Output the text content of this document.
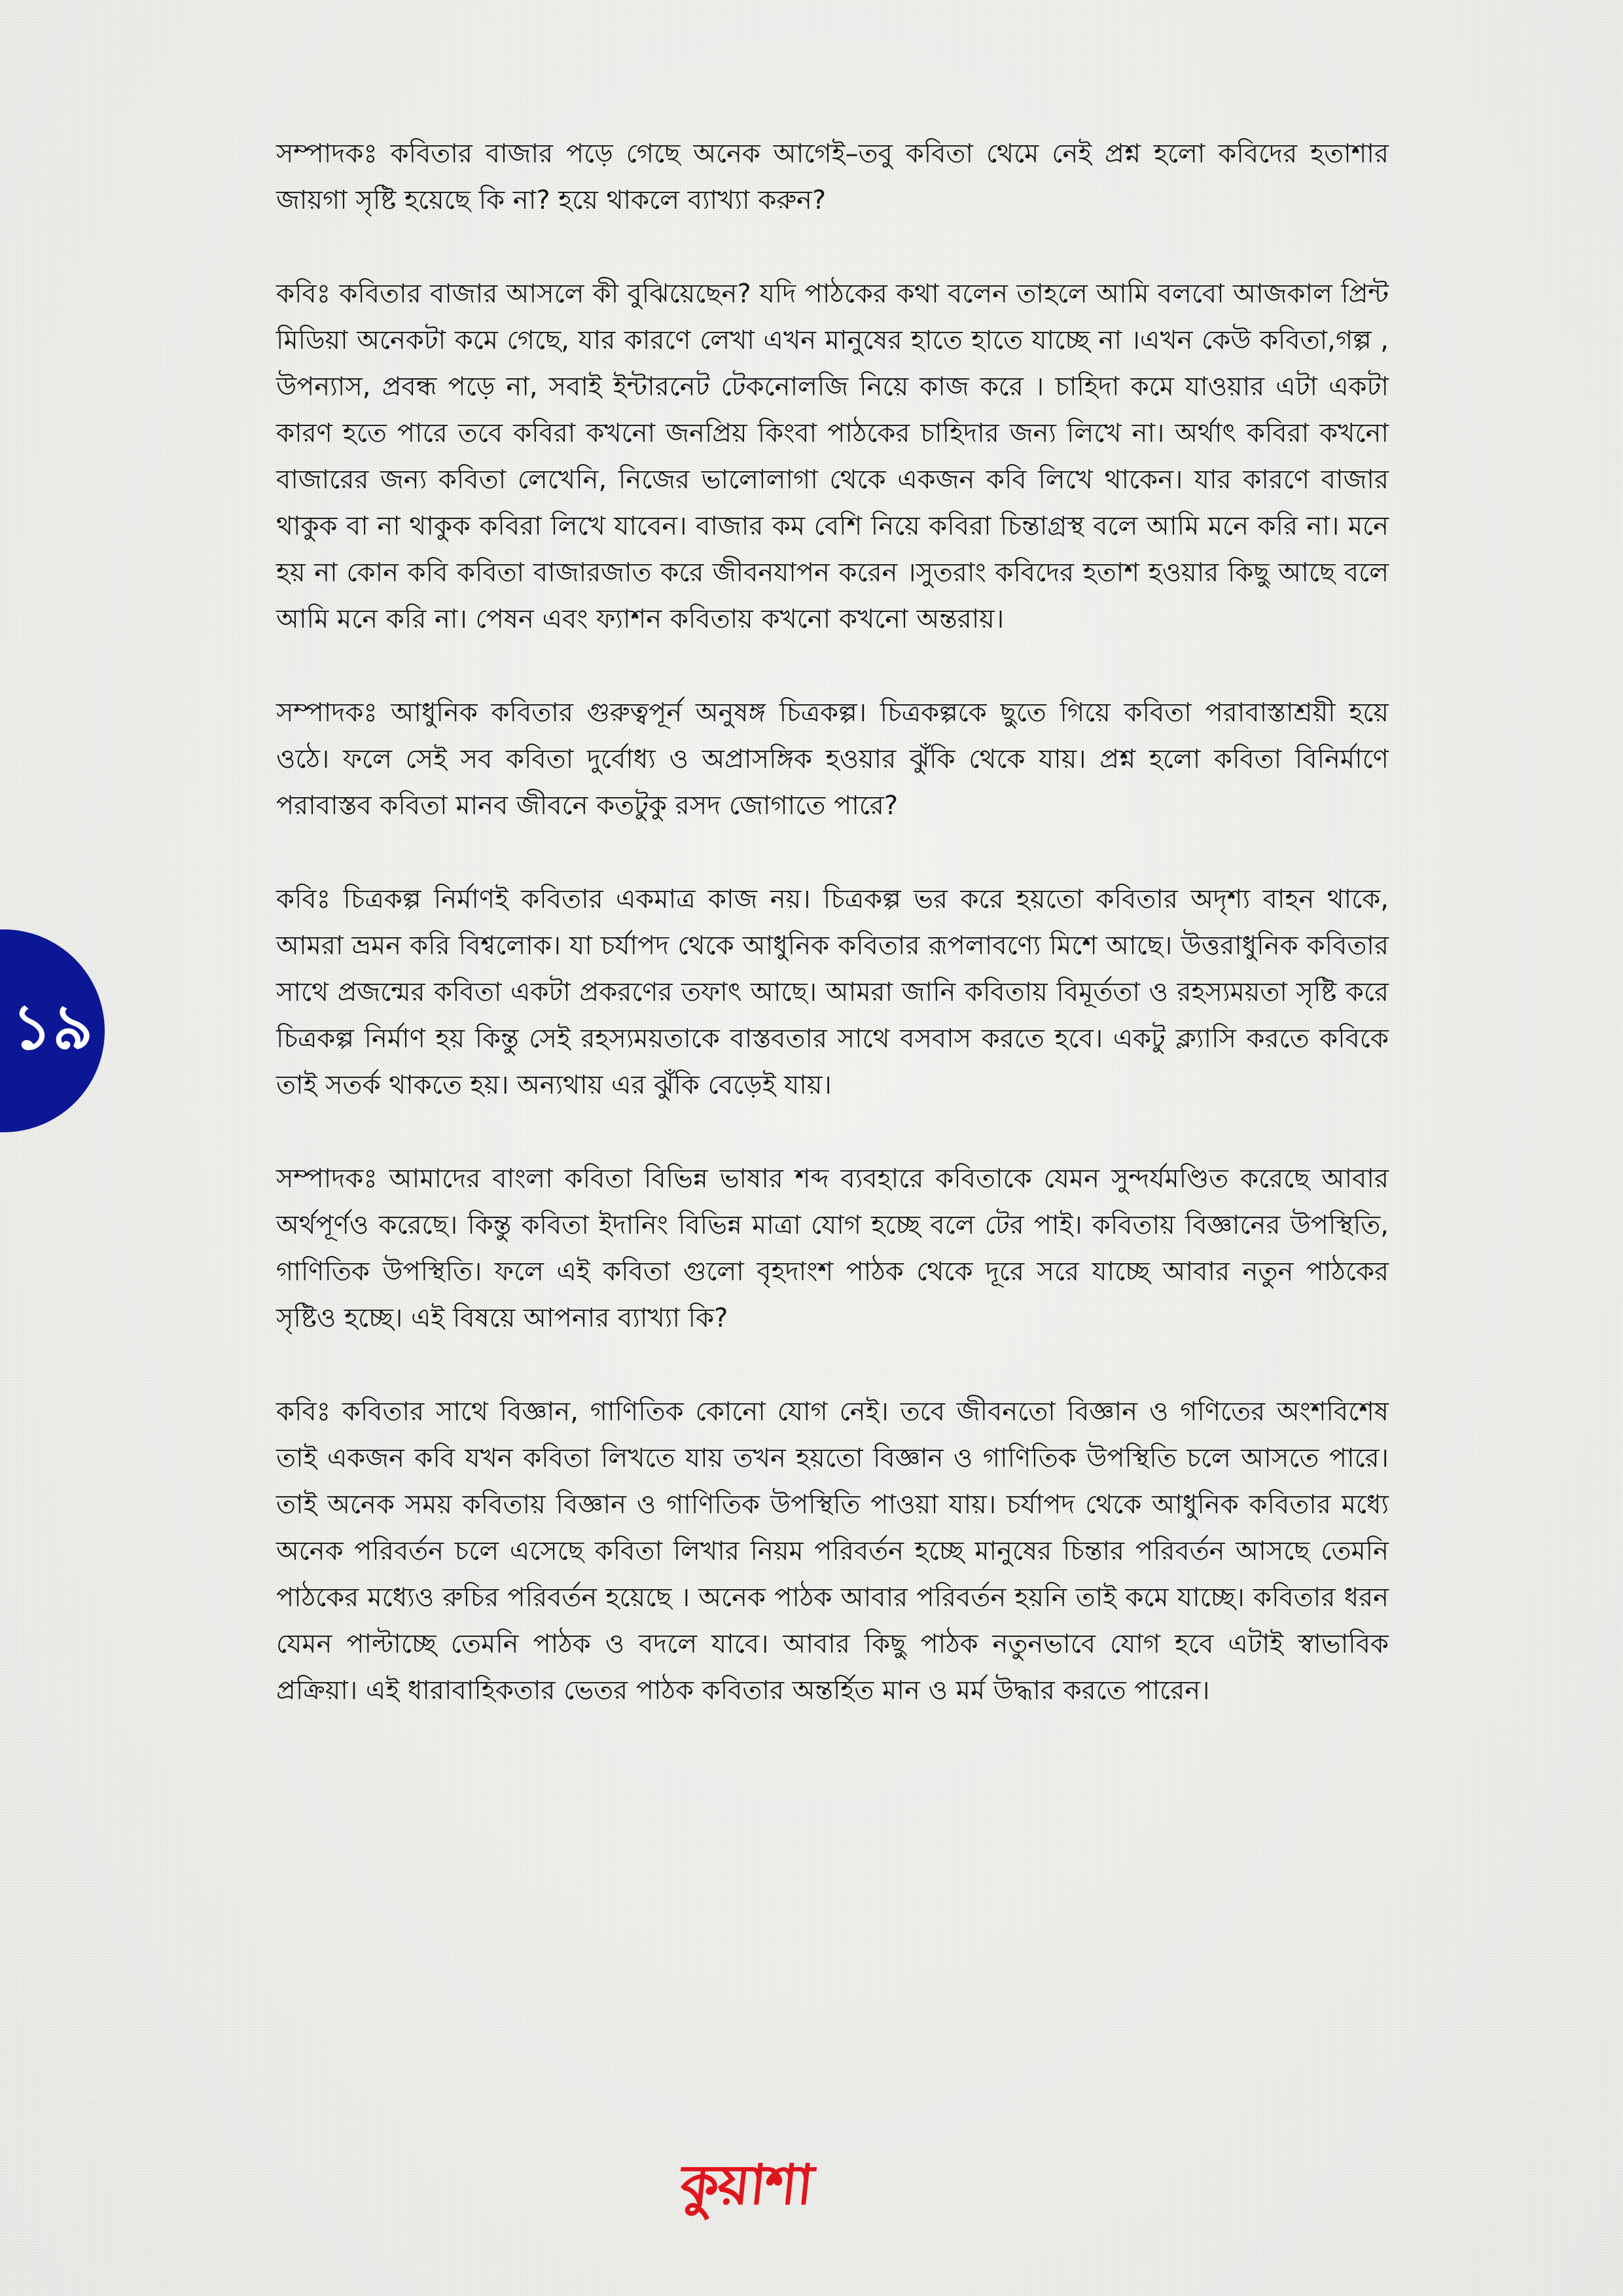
১৯

সম্পাদকঃ কবিতার বাজার পড়ে গেছে অনেক আগেই–তবু কবিতা থেমে নেই প্রশ্ন হলো কবিদের হতাশার জায়গা সৃষ্টি হয়েছে কি না? হয়ে থাকলে ব্যাখ্যা করুন?

কবিঃ কবিতার বাজার আসলে কী বুঝিয়েছেন? যদি পাঠকের কথা বলেন তাহলে আমি বলবো আজকাল প্রিন্ট মিডিয়া অনেকটা কমে গেছে, যার কারণে লেখা এখন মানুষের হাতে হাতে যাচ্ছে না ।এখন কেউ কবিতা,গল্প , উপন্যাস, প্রবন্ধ পড়ে না, সবাই ইন্টারনেট টেকনোলজি নিয়ে কাজ করে । চাহিদা কমে যাওয়ার এটা একটা কারণ হতে পারে তবে কবিরা কখনো জনপ্রিয় কিংবা পাঠকের চাহিদার জন্য লিখে না। অর্থাৎ কবিরা কখনো বাজারের জন্য কবিতা লেখেনি, নিজের ভালোলাগা থেকে একজন কবি লিখে থাকেন। যার কারণে বাজার থাকুক বা না থাকুক কবিরা লিখে যাবেন। বাজার কম বেশি নিয়ে কবিরা চিন্তাগ্রস্থ বলে আমি মনে করি না। মনে হয় না কোন কবি কবিতা বাজারজাত করে জীবনযাপন করেন ।সুতরাং কবিদের হতাশ হওয়ার কিছু আছে বলে আমি মনে করি না। পেষন এবং ফ্যাশন কবিতায় কখনো কখনো অন্তরায়।

সম্পাদকঃ আধুনিক কবিতার গুরুত্বপূর্ন অনুষঙ্গ চিত্রকল্প। চিত্রকল্পকে ছুতে গিয়ে কবিতা পরাবাস্তাশ্রয়ী হয়ে ওঠে। ফলে সেই সব কবিতা দুর্বোধ্য ও অপ্রাসঙ্গিক হওয়ার ঝুঁকি থেকে যায়। প্রশ্ন হলো কবিতা বিনির্মাণে পরাবাস্তব কবিতা মানব জীবনে কতটুকু রসদ জোগাতে পারে?

কবিঃ চিত্রকল্প নির্মাণই কবিতার একমাত্র কাজ নয়। চিত্রকল্প ভর করে হয়তো কবিতার অদৃশ্য বাহন থাকে, আমরা ভ্রমন করি বিশ্বলোক। যা চর্যাপদ থেকে আধুনিক কবিতার রূপলাবণ্যে মিশে আছে। উত্তরাধুনিক কবিতার সাথে প্রজন্মের কবিতা একটা প্রকরণের তফাৎ আছে। আমরা জানি কবিতায় বিমূর্ততা ও রহস্যময়তা সৃষ্টি করে চিত্রকল্প নির্মাণ হয় কিন্তু সেই রহস্যময়তাকে বাস্তবতার সাথে বসবাস করতে হবে। একটু ক্ল্যাসি করতে কবিকে তাই সতর্ক থাকতে হয়। অন্যথায় এর ঝুঁকি বেড়েই যায়।

সম্পাদকঃ আমাদের বাংলা কবিতা বিভিন্ন ভাষার শব্দ ব্যবহারে কবিতাকে যেমন সুন্দর্যমণ্ডিত করেছে আবার অর্থপূর্ণও করেছে। কিন্তু কবিতা ইদানিং বিভিন্ন মাত্রা যোগ হচ্ছে বলে টের পাই। কবিতায় বিজ্ঞানের উপস্থিতি, গাণিতিক উপস্থিতি। ফলে এই কবিতা গুলো বৃহদাংশ পাঠক থেকে দূরে সরে যাচ্ছে আবার নতুন পাঠকের সৃষ্টিও হচ্ছে। এই বিষয়ে আপনার ব্যাখ্যা কি?

কবিঃ কবিতার সাথে বিজ্ঞান, গাণিতিক কোনো যোগ নেই। তবে জীবনতো বিজ্ঞান ও গণিতের অংশবিশেষ তাই একজন কবি যখন কবিতা লিখতে যায় তখন হয়তো বিজ্ঞান ও গাণিতিক উপস্থিতি চলে আসতে পারে। তাই অনেক সময় কবিতায় বিজ্ঞান ও গাণিতিক উপস্থিতি পাওয়া যায়। চর্যাপদ থেকে আধুনিক কবিতার মধ্যে অনেক পরিবর্তন চলে এসেছে কবিতা লিখার নিয়ম পরিবর্তন হচ্ছে মানুষের চিন্তার পরিবর্তন আসছে তেমনি পাঠকের মধ্যেও রুচির পরিবর্তন হয়েছে । অনেক পাঠক আবার পরিবর্তন হয়নি তাই কমে যাচ্ছে। কবিতার ধরন যেমন পাল্টাচ্ছে তেমনি পাঠক ও বদলে যাবে। আবার কিছু পাঠক নতুনভাবে যোগ হবে এটাই স্বাভাবিক প্রক্রিয়া। এই ধারাবাহিকতার ভেতর পাঠক কবিতার অন্তর্হিত মান ও মর্ম উদ্ধার করতে পারেন।

কুয়াশা
